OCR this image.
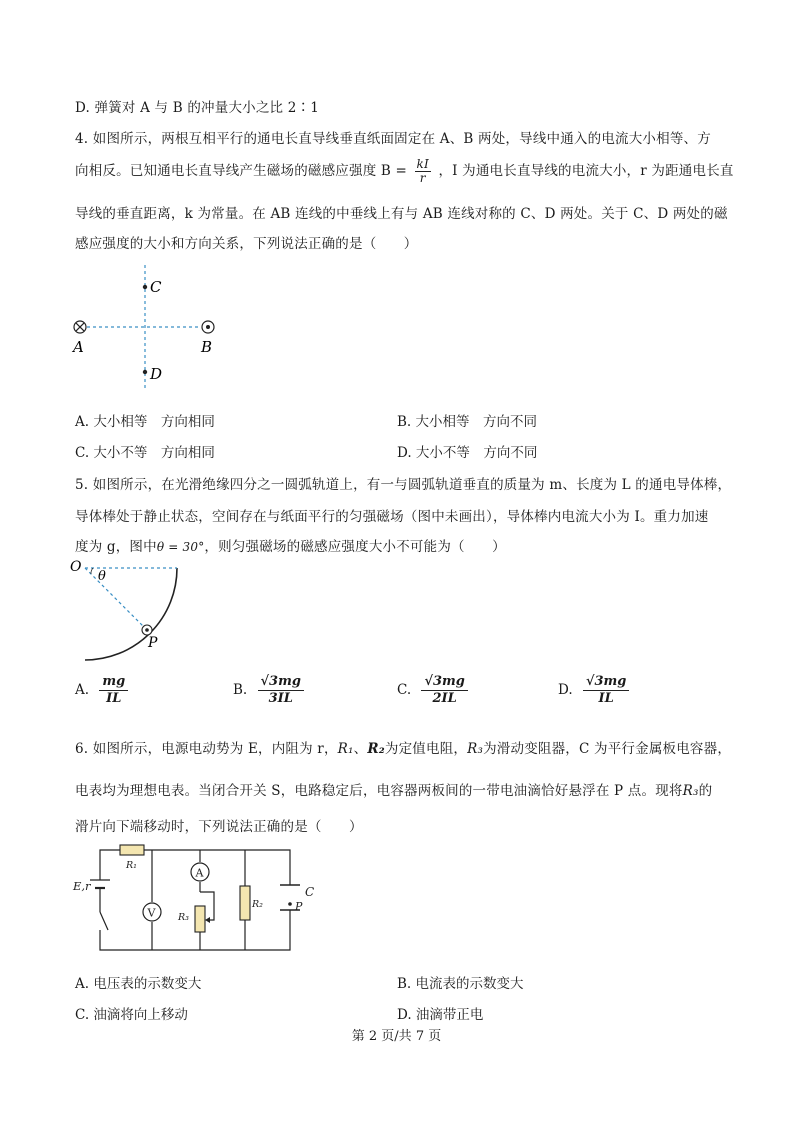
D. 弹簧对 A 与 B 的冲量大小之比 2∶1
4. 如图所示，两根互相平行的通电长直导线垂直纸面固定在 A、B 两处，导线中通入的电流大小相等、方
向相反。已知通电长直导线产生磁场的磁感应强度 $B = \frac{kI}{r}$ ，I 为通电长直导线的电流大小，r 为距通电长直
导线的垂直距离，k 为常量。在 AB 连线的中垂线上有与 AB 连线对称的 C、D 两处。关于 C、D 两处的磁
感应强度的大小和方向关系，下列说法正确的是（　　）
C
D
A	B
A. 大小相等　方向相同	B. 大小相等　方向不同
C. 大小不等　方向相同	D. 大小不等　方向不同
5. 如图所示，在光滑绝缘四分之一圆弧轨道上，有一与圆弧轨道垂直的质量为 m、长度为 L 的通电导体棒，
导体棒处于静止状态，空间存在与纸面平行的匀强磁场（图中未画出），导体棒内电流大小为 I。重力加速
度为 g，图中θ = 30°，则匀强磁场的磁感应强度大小不可能为（　　）
O
θ
P
A. $\frac{mg}{IL}$	B. $\frac{√3mg}{3IL}$	C. $\frac{√3mg}{2IL}$	D. $\frac{√3mg}{IL}$
6. 如图所示，电源电动势为 E，内阻为 r，R₁、R₂为定值电阻，R₃为滑动变阻器，C 为平行金属板电容器，
电表均为理想电表。当闭合开关 S，电路稳定后，电容器两板间的一带电油滴恰好悬浮在 P 点。现将R₃的
滑片向下端移动时，下列说法正确的是（　　）
V
A
E,r
R₁
R₃
R₂
C
P
A. 电压表的示数变大	B. 电流表的示数变大
C. 油滴将向上移动	D. 油滴带正电
第 2 页/共 7 页
